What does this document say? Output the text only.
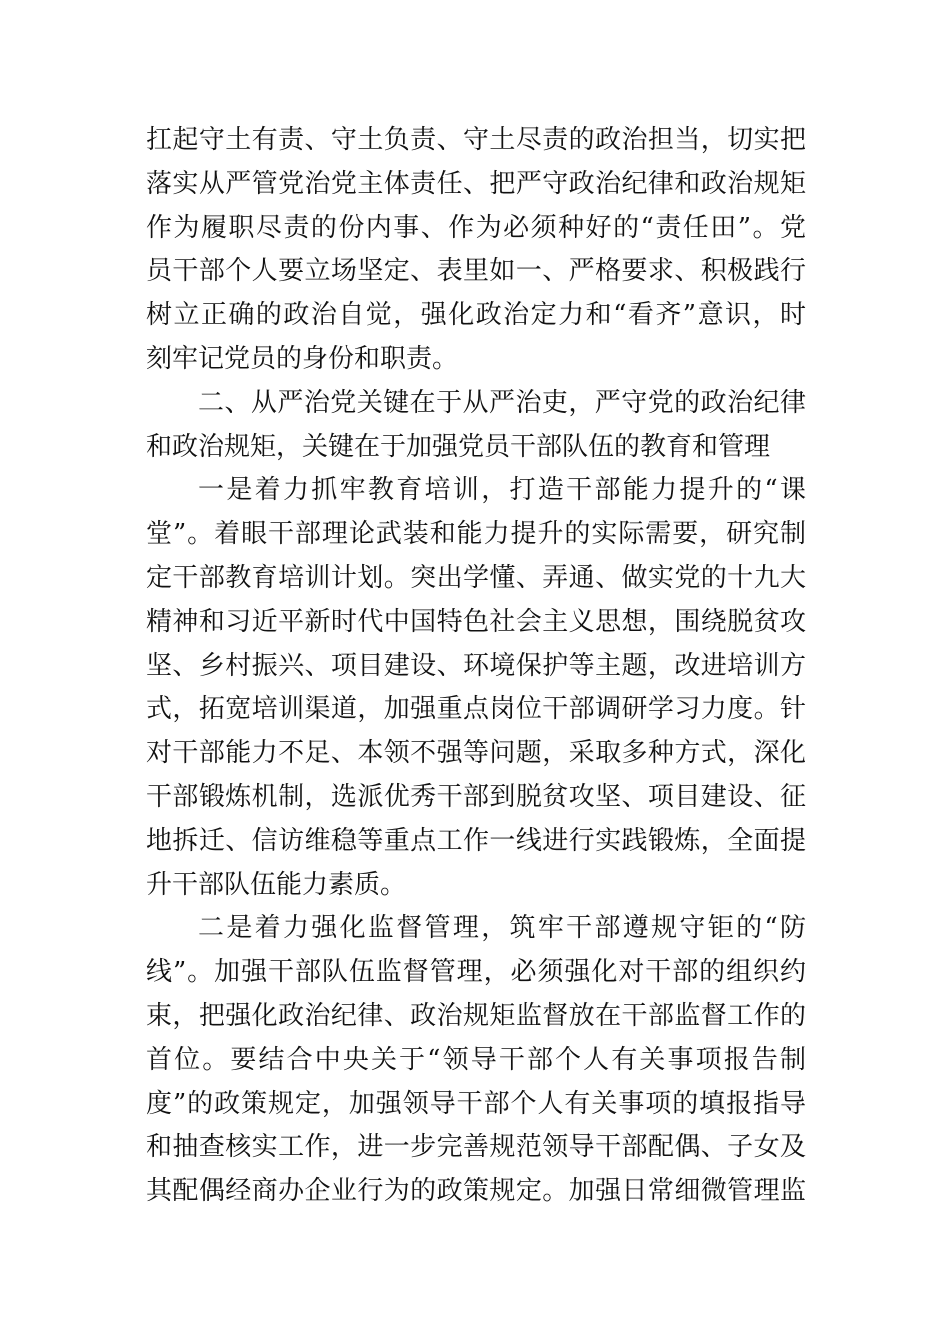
扛起守土有责、守土负责、守土尽责的政治担当，切实把
落实从严管党治党主体责任、把严守政治纪律和政治规矩
作为履职尽责的份内事、作为必须种好的“责任田”。党
员干部个人要立场坚定、表里如一、严格要求、积极践行
树立正确的政治自觉，强化政治定力和“看齐”意识，时
刻牢记党员的身份和职责。
二、从严治党关键在于从严治吏，严守党的政治纪律
和政治规矩，关键在于加强党员干部队伍的教育和管理
一是着力抓牢教育培训，打造干部能力提升的“课
堂”。着眼干部理论武装和能力提升的实际需要，研究制
定干部教育培训计划。突出学懂、弄通、做实党的十九大
精神和习近平新时代中国特色社会主义思想，围绕脱贫攻
坚、乡村振兴、项目建设、环境保护等主题，改进培训方
式，拓宽培训渠道，加强重点岗位干部调研学习力度。针
对干部能力不足、本领不强等问题，采取多种方式，深化
干部锻炼机制，选派优秀干部到脱贫攻坚、项目建设、征
地拆迁、信访维稳等重点工作一线进行实践锻炼，全面提
升干部队伍能力素质。
二是着力强化监督管理，筑牢干部遵规守钜的“防
线”。加强干部队伍监督管理，必须强化对干部的组织约
束，把强化政治纪律、政治规矩监督放在干部监督工作的
首位。要结合中央关于“领导干部个人有关事项报告制
度”的政策规定，加强领导干部个人有关事项的填报指导
和抽查核实工作，进一步完善规范领导干部配偶、子女及
其配偶经商办企业行为的政策规定。加强日常细微管理监
